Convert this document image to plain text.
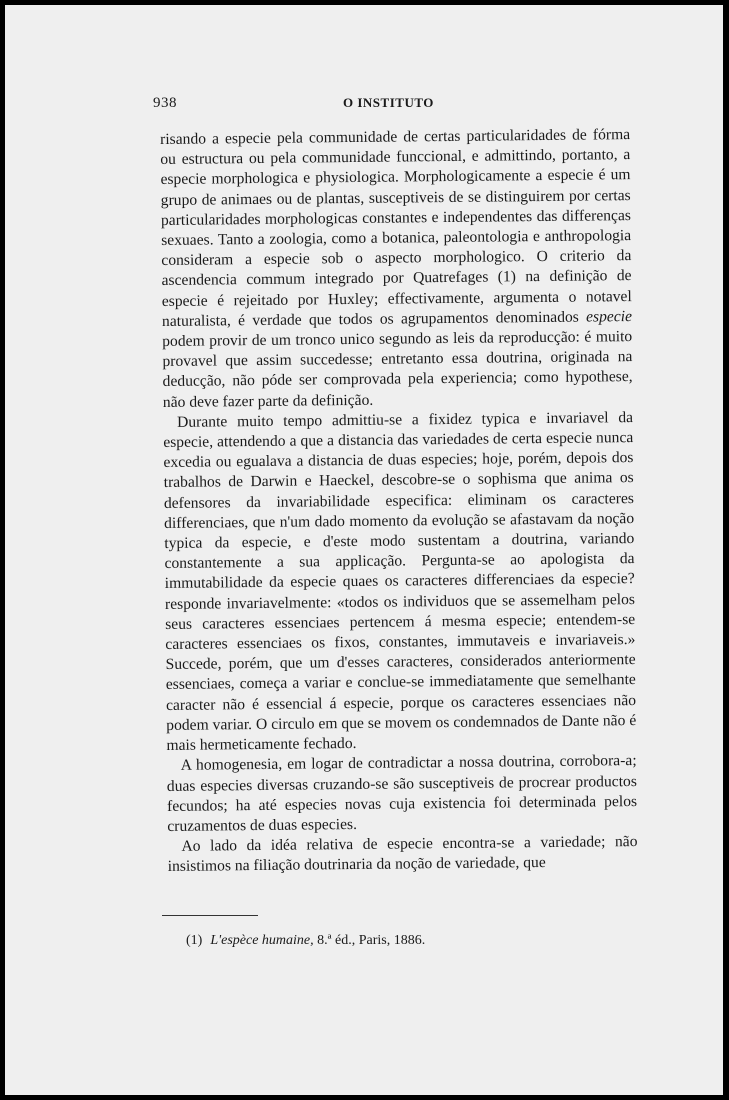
938	O INSTITUTO

risando a especie pela communidade de certas particularidades de fórma ou estructura ou pela communidade funccional, e admittindo, portanto, a especie morphologica e physiologica. Morphologicamente a especie é um grupo de animaes ou de plantas, susceptiveis de se distinguirem por certas particularidades morphologicas constantes e independentes das differenças sexuaes. Tanto a zoologia, como a botanica, paleontologia e anthropologia consideram a especie sob o aspecto morphologico. O criterio da ascendencia commum integrado por Quatrefages (1) na definição de especie é rejeitado por Huxley; effectivamente, argumenta o notavel naturalista, é verdade que todos os agrupamentos denominados especie podem provir de um tronco unico segundo as leis da reproducção: é muito provavel que assim succedesse; entretanto essa doutrina, originada na deducção, não póde ser comprovada pela experiencia; como hypothese, não deve fazer parte da definição.

Durante muito tempo admittiu-se a fixidez typica e invariavel da especie, attendendo a que a distancia das variedades de certa especie nunca excedia ou egualava a distancia de duas especies; hoje, porém, depois dos trabalhos de Darwin e Haeckel, descobre-se o sophisma que anima os defensores da invariabilidade especifica: eliminam os caracteres differenciaes, que n'um dado momento da evolução se afastavam da noção typica da especie, e d'este modo sustentam a doutrina, variando constantemente a sua applicação. Pergunta-se ao apologista da immutabilidade da especie quaes os caracteres differenciaes da especie? responde invariavelmente: «todos os individuos que se assemelham pelos seus caracteres essenciaes pertencem á mesma especie; entendem-se caracteres essenciaes os fixos, constantes, immutaveis e invariaveis.» Succede, porém, que um d'esses caracteres, considerados anteriormente essenciaes, começa a variar e conclue-se immediatamente que semelhante caracter não é essencial á especie, porque os caracteres essenciaes não podem variar. O circulo em que se movem os condemnados de Dante não é mais hermeticamente fechado.

A homogenesia, em logar de contradictar a nossa doutrina, corrobora-a; duas especies diversas cruzando-se são susceptiveis de procrear productos fecundos; ha até especies novas cuja existencia foi determinada pelos cruzamentos de duas especies.

Ao lado da idéa relativa de especie encontra-se a variedade; não insistimos na filiação doutrinaria da noção de variedade, que

(1) L'espèce humaine, 8.ª éd., Paris, 1886.
